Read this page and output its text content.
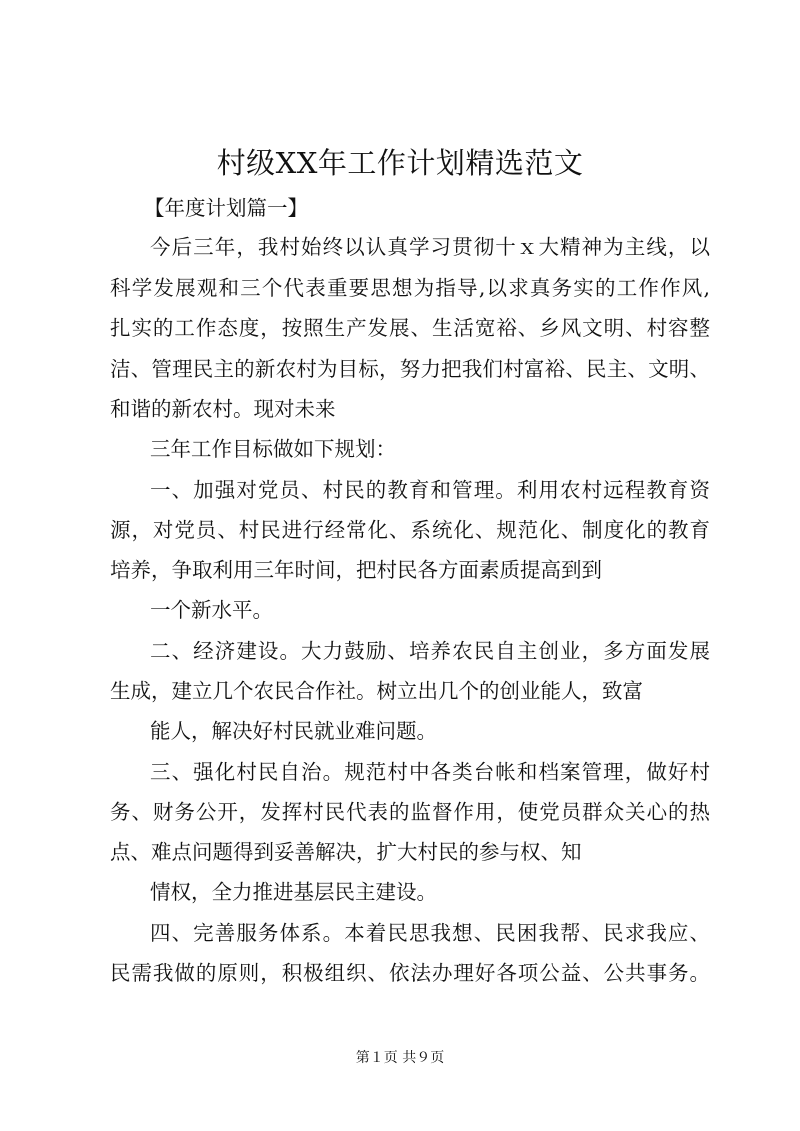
村级XX年工作计划精选范文
【年度计划篇一】
今后三年，我村始终以认真学习贯彻十ｘ大精神为主线，以
科学发展观和三个代表重要思想为指导,以求真务实的工作作风,
扎实的工作态度，按照生产发展、生活宽裕、乡风文明、村容整
洁、管理民主的新农村为目标，努力把我们村富裕、民主、文明、
和谐的新农村。现对未来
三年工作目标做如下规划：
一、加强对党员、村民的教育和管理。利用农村远程教育资
源，对党员、村民进行经常化、系统化、规范化、制度化的教育
培养，争取利用三年时间，把村民各方面素质提高到到
一个新水平。
二、经济建设。大力鼓励、培养农民自主创业，多方面发展
生成，建立几个农民合作社。树立出几个的创业能人，致富
能人，解决好村民就业难问题。
三、强化村民自治。规范村中各类台帐和档案管理，做好村
务、财务公开，发挥村民代表的监督作用，使党员群众关心的热
点、难点问题得到妥善解决，扩大村民的参与权、知
情权，全力推进基层民主建设。
四、完善服务体系。本着民思我想、民困我帮、民求我应、
民需我做的原则，积极组织、依法办理好各项公益、公共事务。
第１页 共９页
